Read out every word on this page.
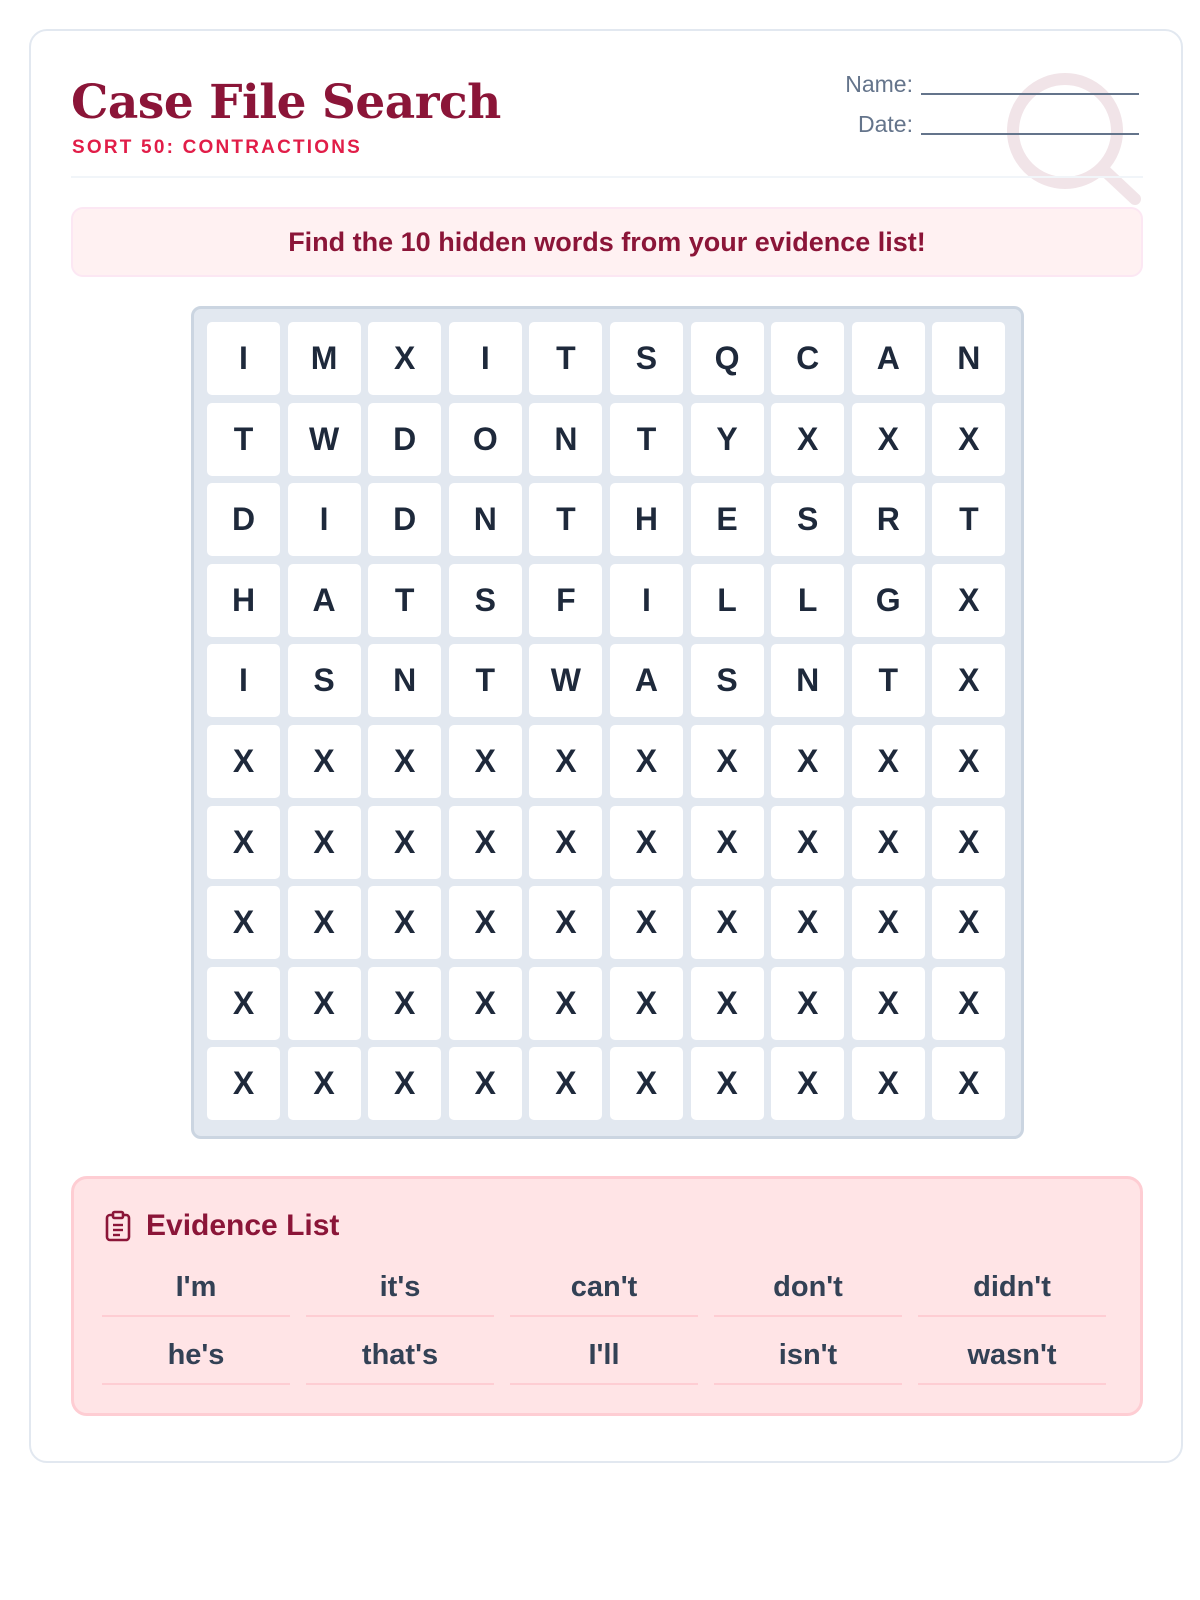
Case File Search
SORT 50: CONTRACTIONS
Name:
Date:
Find the 10 hidden words from your evidence list!
I	M	X	I	T	S	Q	C	A	N
T	W	D	O	N	T	Y	X	X	X
D	I	D	N	T	H	E	S	R	T
H	A	T	S	F	I	L	L	G	X
I	S	N	T	W	A	S	N	T	X
X	X	X	X	X	X	X	X	X	X
X	X	X	X	X	X	X	X	X	X
X	X	X	X	X	X	X	X	X	X
X	X	X	X	X	X	X	X	X	X
X	X	X	X	X	X	X	X	X	X
Evidence List
I'm	it's	can't	don't	didn't
he's	that's	I'll	isn't	wasn't
